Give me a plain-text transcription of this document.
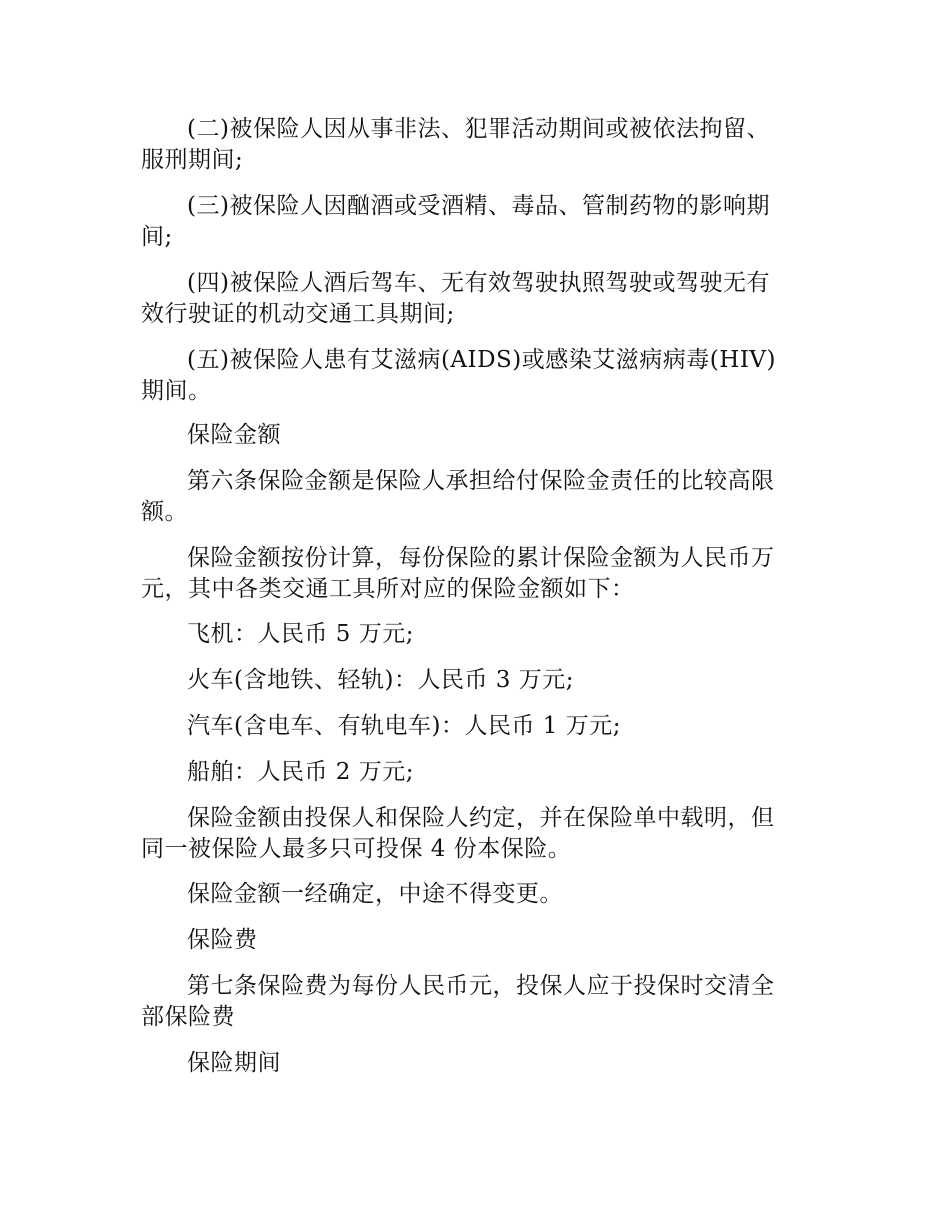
(二)被保险人因从事非法、犯罪活动期间或被依法拘留、
服刑期间;

(三)被保险人因酗酒或受酒精、毒品、管制药物的影响期
间;

(四)被保险人酒后驾车、无有效驾驶执照驾驶或驾驶无有
效行驶证的机动交通工具期间;

(五)被保险人患有艾滋病(AIDS)或感染艾滋病病毒(HIV)
期间。

保险金额

第六条保险金额是保险人承担给付保险金责任的比较高限
额。

保险金额按份计算，每份保险的累计保险金额为人民币万
元，其中各类交通工具所对应的保险金额如下：

飞机：人民币 5 万元;

火车(含地铁、轻轨)：人民币 3 万元;

汽车(含电车、有轨电车)：人民币 1 万元;

船舶：人民币 2 万元;

保险金额由投保人和保险人约定，并在保险单中载明，但
同一被保险人最多只可投保 4 份本保险。

保险金额一经确定，中途不得变更。

保险费

第七条保险费为每份人民币元，投保人应于投保时交清全
部保险费

保险期间
